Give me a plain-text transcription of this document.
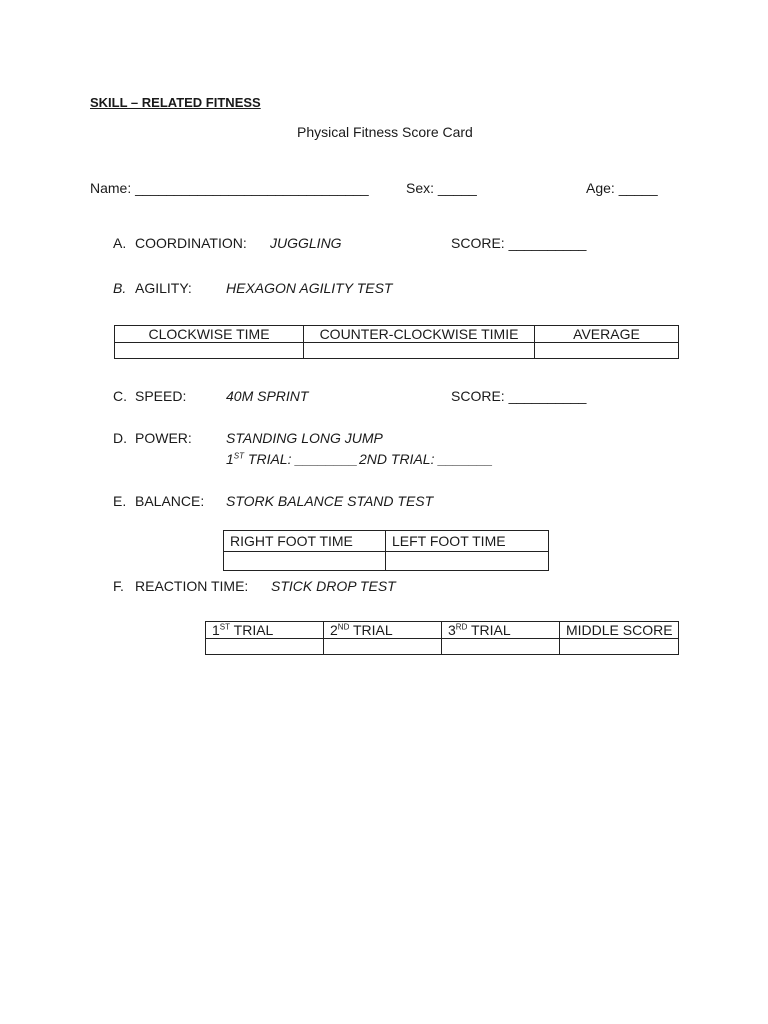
SKILL – RELATED FITNESS
Physical Fitness Score Card
Name: ______________________________	Sex: _____	Age: _____
A. COORDINATION: JUGGLING	SCORE: __________
B. AGILITY: HEXAGON AGILITY TEST
CLOCKWISE TIME	COUNTER-CLOCKWISE TIMIE	AVERAGE

C. SPEED:	40M SPRINT	SCORE: __________
D. POWER: STANDING LONG JUMP
1ST TRIAL: ________ 2ND TRIAL: _______
E. BALANCE: STORK BALANCE STAND TEST
RIGHT FOOT TIME	LEFT FOOT TIME

F. REACTION TIME: STICK DROP TEST
1ST TRIAL	2ND TRIAL	3RD TRIAL	MIDDLE SCORE
